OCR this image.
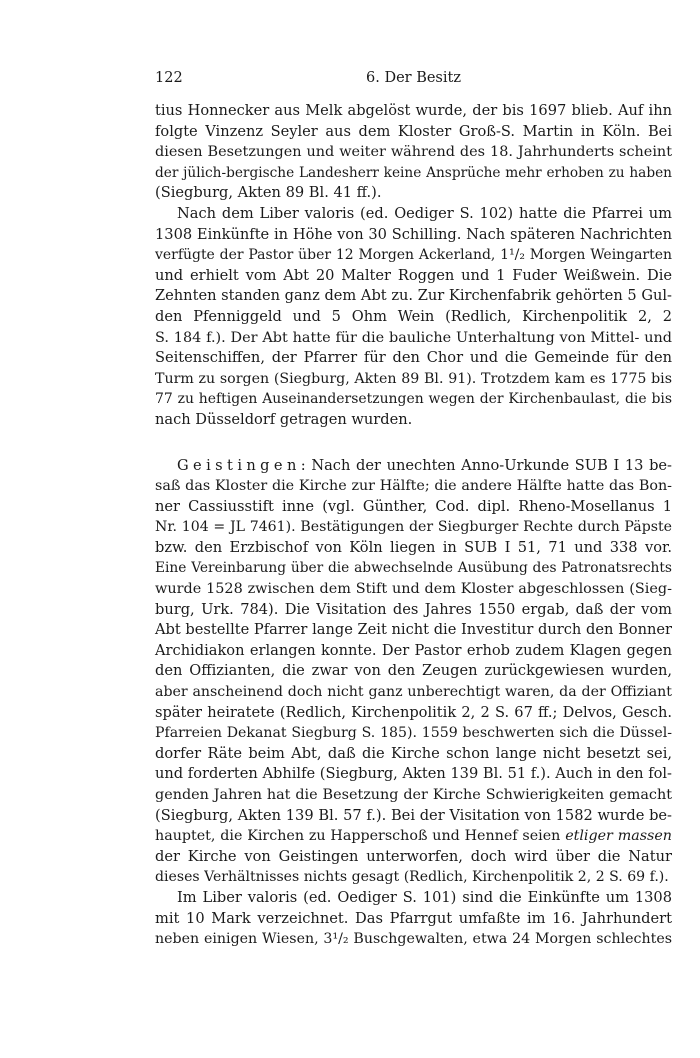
122	6. Der Besitz
tius Honnecker aus Melk abgelöst wurde, der bis 1697 blieb. Auf ihn
folgte Vinzenz Seyler aus dem Kloster Groß-S. Martin in Köln. Bei
diesen Besetzungen und weiter während des 18. Jahrhunderts scheint
der jülich-bergische Landesherr keine Ansprüche mehr erhoben zu haben
(Siegburg, Akten 89 Bl. 41 ff.).
Nach dem Liber valoris (ed. Oediger S. 102) hatte die Pfarrei um
1308 Einkünfte in Höhe von 30 Schilling. Nach späteren Nachrichten
verfügte der Pastor über 12 Morgen Ackerland, 1¹/₂ Morgen Weingarten
und erhielt vom Abt 20 Malter Roggen und 1 Fuder Weißwein. Die
Zehnten standen ganz dem Abt zu. Zur Kirchenfabrik gehörten 5 Gul-
den Pfenniggeld und 5 Ohm Wein (Redlich, Kirchenpolitik 2, 2
S. 184 f.). Der Abt hatte für die bauliche Unterhaltung von Mittel- und
Seitenschiffen, der Pfarrer für den Chor und die Gemeinde für den
Turm zu sorgen (Siegburg, Akten 89 Bl. 91). Trotzdem kam es 1775 bis
77 zu heftigen Auseinandersetzungen wegen der Kirchenbaulast, die bis
nach Düsseldorf getragen wurden.
Geistingen: Nach der unechten Anno-Urkunde SUB I 13 be-
saß das Kloster die Kirche zur Hälfte; die andere Hälfte hatte das Bon-
ner Cassiusstift inne (vgl. Günther, Cod. dipl. Rheno-Mosellanus 1
Nr. 104 = JL 7461). Bestätigungen der Siegburger Rechte durch Päpste
bzw. den Erzbischof von Köln liegen in SUB I 51, 71 und 338 vor.
Eine Vereinbarung über die abwechselnde Ausübung des Patronatsrechts
wurde 1528 zwischen dem Stift und dem Kloster abgeschlossen (Sieg-
burg, Urk. 784). Die Visitation des Jahres 1550 ergab, daß der vom
Abt bestellte Pfarrer lange Zeit nicht die Investitur durch den Bonner
Archidiakon erlangen konnte. Der Pastor erhob zudem Klagen gegen
den Offizianten, die zwar von den Zeugen zurückgewiesen wurden,
aber anscheinend doch nicht ganz unberechtigt waren, da der Offiziant
später heiratete (Redlich, Kirchenpolitik 2, 2 S. 67 ff.; Delvos, Gesch.
Pfarreien Dekanat Siegburg S. 185). 1559 beschwerten sich die Düssel-
dorfer Räte beim Abt, daß die Kirche schon lange nicht besetzt sei,
und forderten Abhilfe (Siegburg, Akten 139 Bl. 51 f.). Auch in den fol-
genden Jahren hat die Besetzung der Kirche Schwierigkeiten gemacht
(Siegburg, Akten 139 Bl. 57 f.). Bei der Visitation von 1582 wurde be-
hauptet, die Kirchen zu Happerschoß und Hennef seien etliger massen
der Kirche von Geistingen unterworfen, doch wird über die Natur
dieses Verhältnisses nichts gesagt (Redlich, Kirchenpolitik 2, 2 S. 69 f.).
Im Liber valoris (ed. Oediger S. 101) sind die Einkünfte um 1308
mit 10 Mark verzeichnet. Das Pfarrgut umfaßte im 16. Jahrhundert
neben einigen Wiesen, 3¹/₂ Buschgewalten, etwa 24 Morgen schlechtes
